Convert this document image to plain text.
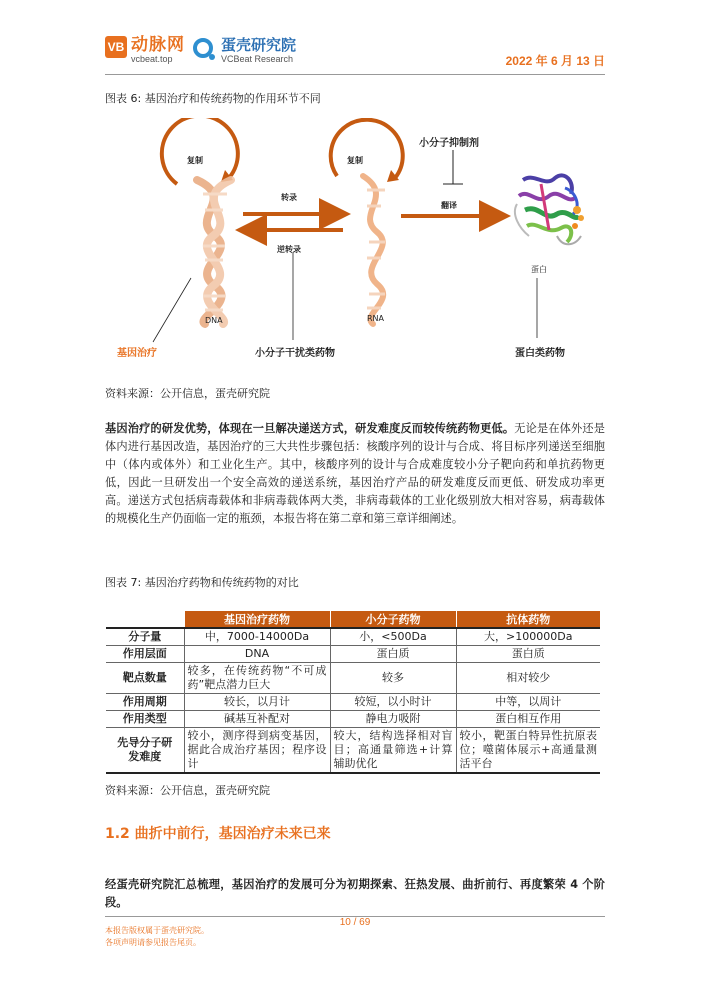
VB 动脉网
vcbeat.top
蛋壳研究院
VCBeat Research	2022 年 6 月 13 日
图表 6: 基因治疗和传统药物的作用环节不同
复制	复制
转录
逆转录
翻译
小分子抑制剂
DNA	RNA
蛋白
基因治疗	小分子干扰类药物	蛋白类药物
资料来源：公开信息，蛋壳研究院
基因治疗的研发优势，体现在一旦解决递送方式，研发难度反而较传统药物更低。无论是在体外还是体内进行基因改造，基因治疗的三大共性步骤包括：核酸序列的设计与合成、将目标序列递送至细胞中（体内或体外）和工业化生产。其中，核酸序列的设计与合成难度较小分子靶向药和单抗药物更低，因此一旦研发出一个安全高效的递送系统，基因治疗产品的研发难度反而更低、研发成功率更高。递送方式包括病毒载体和非病毒载体两大类，非病毒载体的工业化级别放大相对容易，病毒载体的规模化生产仍面临一定的瓶颈，本报告将在第二章和第三章详细阐述。
图表 7: 基因治疗药物和传统药物的对比
	基因治疗药物	小分子药物	抗体药物
分子量	中，7000-14000Da	小，<500Da	大，>100000Da
作用层面	DNA	蛋白质	蛋白质
靶点数量	较多，在传统药物“不可成药”靶点潜力巨大	较多	相对较少
作用周期	较长，以月计	较短，以小时计	中等，以周计
作用类型	碱基互补配对	静电力吸附	蛋白相互作用
先导分子研发难度	较小，测序得到病变基因，据此合成治疗基因；程序设计	较大，结构选择相对盲目；高通量筛选+计算辅助优化	较小，靶蛋白特异性抗原表位；噬菌体展示+高通量测活平台
资料来源：公开信息，蛋壳研究院
1.2 曲折中前行，基因治疗未来已来
经蛋壳研究院汇总梳理，基因治疗的发展可分为初期探索、狂热发展、曲折前行、再度繁荣 4 个阶段。
10 / 69
本报告版权属于蛋壳研究院。
各项声明请参见报告尾页。
